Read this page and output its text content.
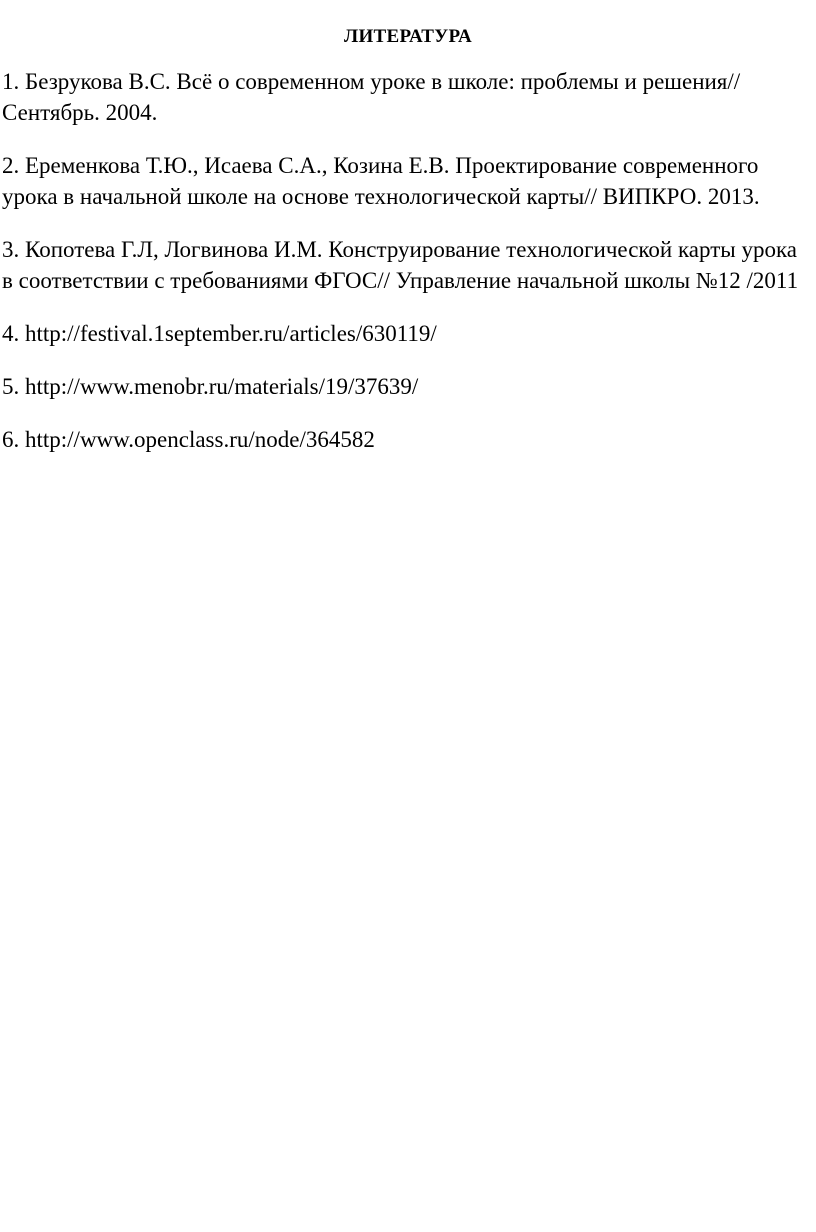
ЛИТЕРАТУРА
1. Безрукова В.С. Всё о современном уроке в школе: проблемы и решения// Сентябрь. 2004.
2. Еременкова Т.Ю., Исаева С.А., Козина Е.В. Проектирование современного урока в начальной школе на основе технологической карты// ВИПКРО. 2013.
3. Копотева Г.Л, Логвинова И.М. Конструирование технологической карты урока в соответствии с требованиями ФГОС// Управление начальной школы №12 /2011
4. http://festival.1september.ru/articles/630119/
5. http://www.menobr.ru/materials/19/37639/
6. http://www.openclass.ru/node/364582
